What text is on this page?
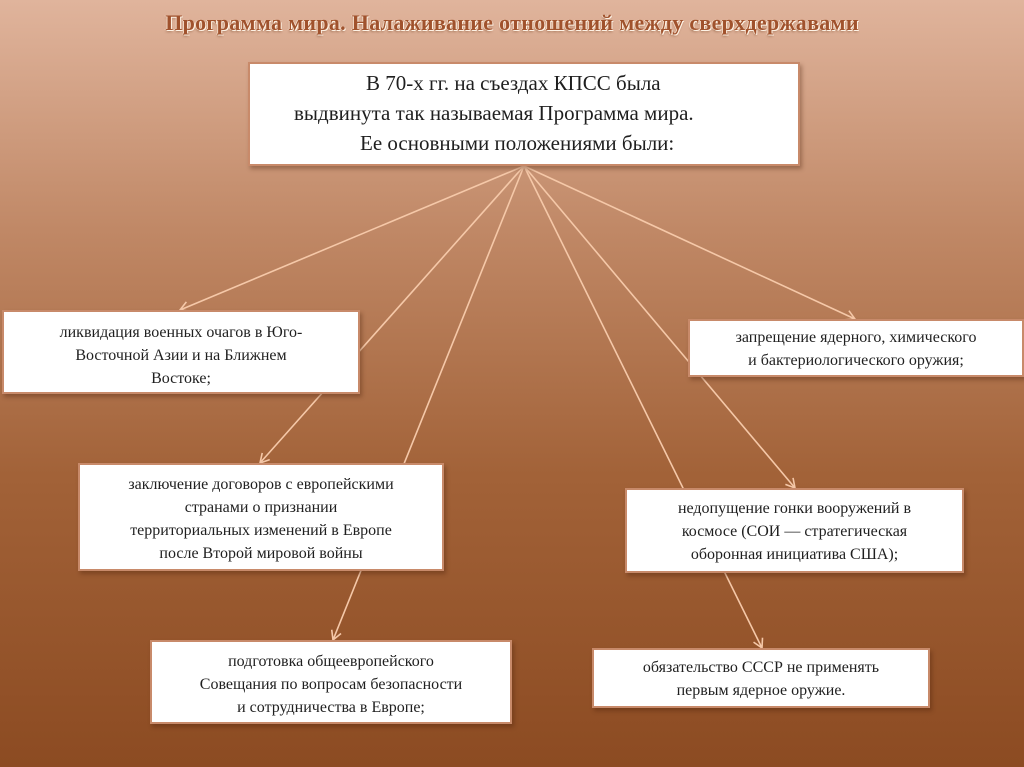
Программа мира. Налаживание отношений между сверхдержавами
В 70-х гг. на съездах КПСС была
выдвинута так называемая Программа мира.
Ее основными положениями были:
ликвидация военных очагов в Юго-
Восточной Азии и на Ближнем
Востоке;
запрещение ядерного, химического
и бактериологического оружия;
заключение договоров с европейскими
странами о признании
территориальных изменений в Европе
после Второй мировой войны
недопущение гонки вооружений в
космосе (СОИ — стратегическая
оборонная инициатива США);
подготовка общеевропейского
Совещания по вопросам безопасности
и сотрудничества в Европе;
обязательство СССР не применять
первым ядерное оружие.
